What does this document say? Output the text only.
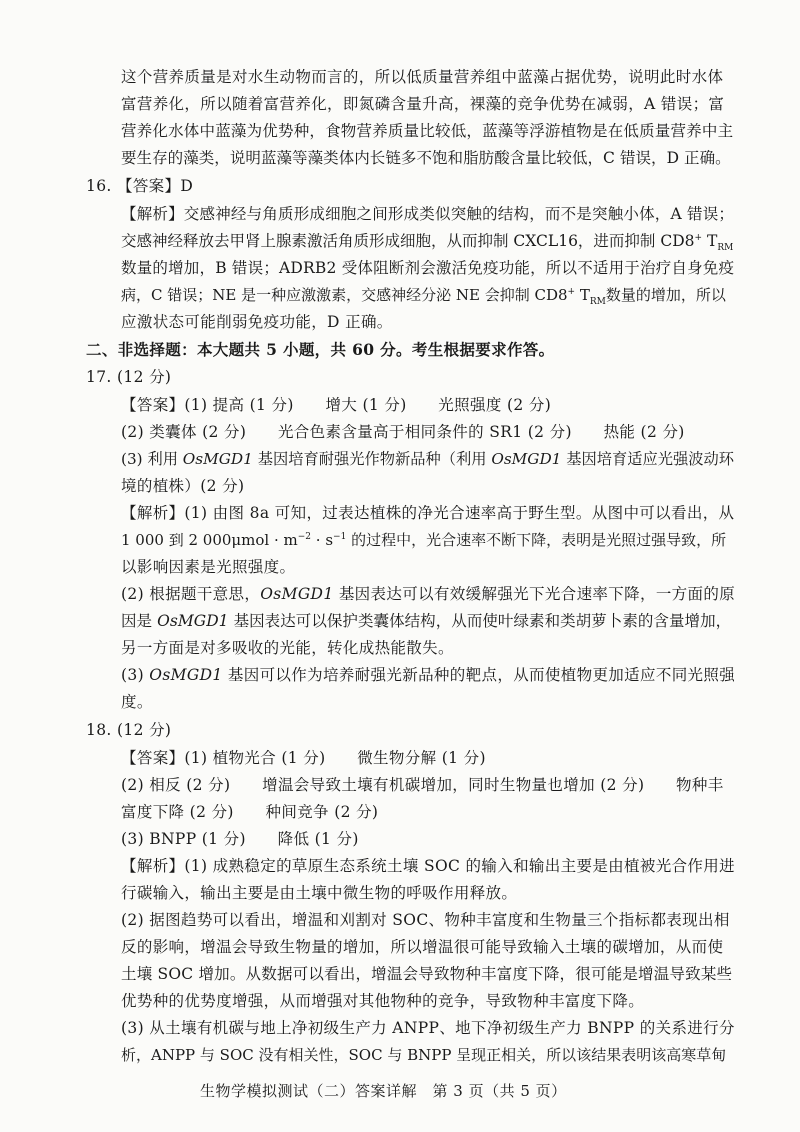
这个营养质量是对水生动物而言的，所以低质量营养组中蓝藻占据优势，说明此时水体
富营养化，所以随着富营养化，即氮磷含量升高，裸藻的竞争优势在减弱，A 错误；富
营养化水体中蓝藻为优势种，食物营养质量比较低，蓝藻等浮游植物是在低质量营养中主
要生存的藻类，说明蓝藻等藻类体内长链多不饱和脂肪酸含量比较低，C 错误，D 正确。
16. 【答案】D
【解析】交感神经与角质形成细胞之间形成类似突触的结构，而不是突触小体，A 错误；
交感神经释放去甲肾上腺素激活角质形成细胞，从而抑制 CXCL16，进而抑制 CD8+ $T_{RM}$
数量的增加，B 错误；ADRB2 受体阻断剂会激活免疫功能，所以不适用于治疗自身免疫
病，C 错误；NE 是一种应激激素，交感神经分泌 NE 会抑制 CD8+ $T_{RM}$数量的增加，所以
应激状态可能削弱免疫功能，D 正确。
二、非选择题：本大题共 5 小题，共 60 分。考生根据要求作答。
17. (12 分)
【答案】(1) 提高 (1 分)　　增大 (1 分)　　光照强度 (2 分)
(2) 类囊体 (2 分)　　光合色素含量高于相同条件的 SR1 (2 分)　　热能 (2 分)
(3) 利用 OsMGD1 基因培育耐强光作物新品种（利用 OsMGD1 基因培育适应光强波动环
境的植株）(2 分)
【解析】(1) 由图 8a 可知，过表达植株的净光合速率高于野生型。从图中可以看出，从
1 000 到 2 $000\mu mol \cdot m^{-2} \cdot s^{-1}$ 的过程中，光合速率不断下降，表明是光照过强导致，所
以影响因素是光照强度。
(2) 根据题干意思，OsMGD1 基因表达可以有效缓解强光下光合速率下降，一方面的原
因是 OsMGD1 基因表达可以保护类囊体结构，从而使叶绿素和类胡萝卜素的含量增加，
另一方面是对多吸收的光能，转化成热能散失。
(3) OsMGD1 基因可以作为培养耐强光新品种的靶点，从而使植物更加适应不同光照强
度。
18. (12 分)
【答案】(1) 植物光合 (1 分)　　微生物分解 (1 分)
(2) 相反 (2 分)　　增温会导致土壤有机碳增加，同时生物量也增加 (2 分)　　物种丰
富度下降 (2 分)　　种间竞争 (2 分)
(3) BNPP (1 分)　　降低 (1 分)
【解析】(1) 成熟稳定的草原生态系统土壤 SOC 的输入和输出主要是由植被光合作用进
行碳输入，输出主要是由土壤中微生物的呼吸作用释放。
(2) 据图趋势可以看出，增温和刈割对 SOC、物种丰富度和生物量三个指标都表现出相
反的影响，增温会导致生物量的增加，所以增温很可能导致输入土壤的碳增加，从而使
土壤 SOC 增加。从数据可以看出，增温会导致物种丰富度下降，很可能是增温导致某些
优势种的优势度增强，从而增强对其他物种的竞争，导致物种丰富度下降。
(3) 从土壤有机碳与地上净初级生产力 ANPP、地下净初级生产力 BNPP 的关系进行分
析，ANPP 与 SOC 没有相关性，SOC 与 BNPP 呈现正相关，所以该结果表明该高寒草甸
生物学模拟测试（二）答案详解　第 3 页（共 5 页）
